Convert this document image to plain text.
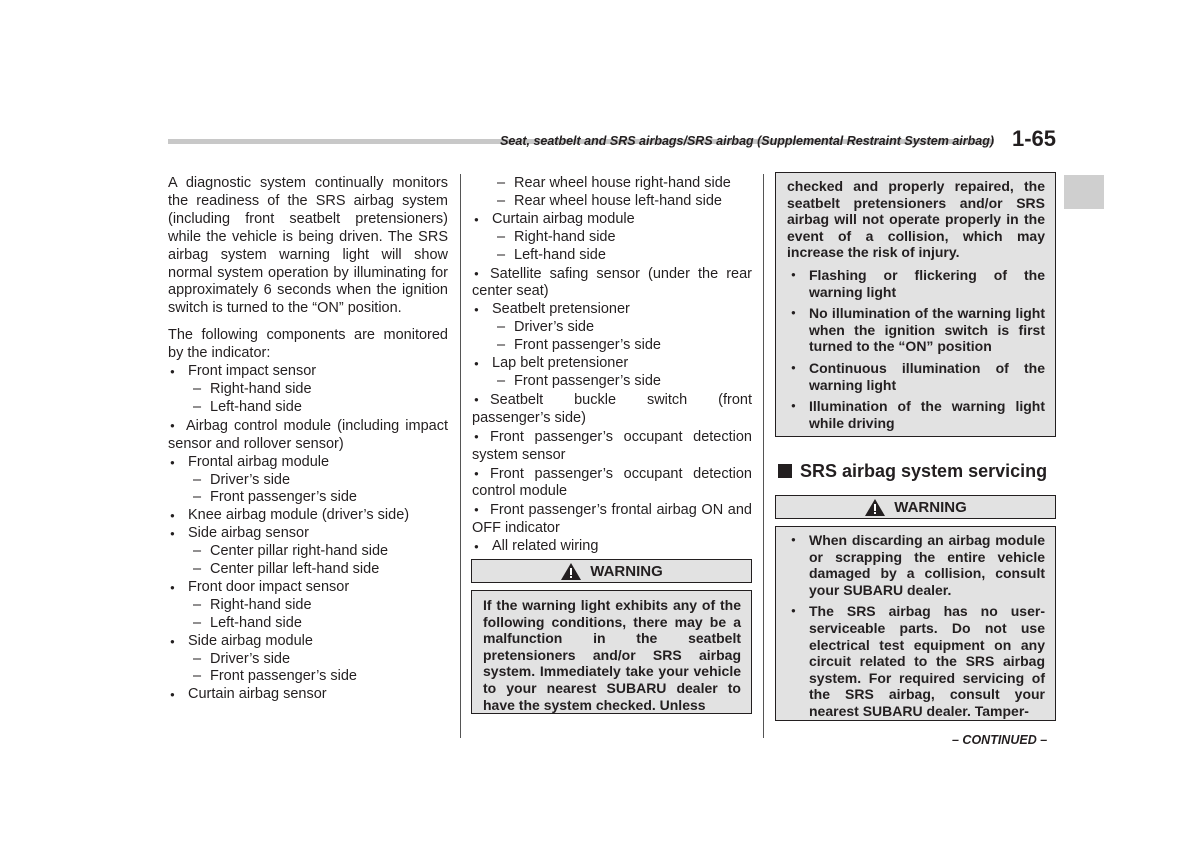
Seat, seatbelt and SRS airbags/SRS airbag (Supplemental Restraint System airbag) 1-65

A diagnostic system continually monitors the readiness of the SRS airbag system (including front seatbelt pretensioners) while the vehicle is being driven. The SRS airbag system warning light will show normal system operation by illuminating for approximately 6 seconds when the ignition switch is turned to the “ON” position.

The following components are monitored by the indicator:

● Front impact sensor

– Right-hand side

– Left-hand side

● Airbag control module (including impact sensor and rollover sensor)

● Frontal airbag module

– Driver’s side

– Front passenger’s side

● Knee airbag module (driver’s side)

● Side airbag sensor

– Center pillar right-hand side

– Center pillar left-hand side

● Front door impact sensor

– Right-hand side

– Left-hand side

● Side airbag module

– Driver’s side

– Front passenger’s side

● Curtain airbag sensor

– Rear wheel house right-hand side

– Rear wheel house left-hand side

● Curtain airbag module

– Right-hand side

– Left-hand side

● Satellite safing sensor (under the rear center seat)

● Seatbelt pretensioner

– Driver’s side

– Front passenger’s side

● Lap belt pretensioner

– Front passenger’s side

● Seatbelt buckle switch (front passenger’s side)

● Front passenger’s occupant detection system sensor

● Front passenger’s occupant detection control module

● Front passenger’s frontal airbag ON and OFF indicator

● All related wiring

WARNING

If the warning light exhibits any of the following conditions, there may be a malfunction in the seatbelt pretensioners and/or SRS airbag system. Immediately take your vehicle to your nearest SUBARU dealer to have the system checked. Unless

checked and properly repaired, the seatbelt pretensioners and/or SRS airbag will not operate properly in the event of a collision, which may increase the risk of injury.

● Flashing or flickering of the warning light

● No illumination of the warning light when the ignition switch is first turned to the “ON” position

● Continuous illumination of the warning light

● Illumination of the warning light while driving

SRS airbag system servicing
WARNING

● When discarding an airbag module or scrapping the entire vehicle damaged by a collision, consult your SUBARU dealer.

● The SRS airbag has no user-serviceable parts. Do not use electrical test equipment on any circuit related to the SRS airbag system. For required servicing of the SRS airbag, consult your nearest SUBARU dealer. Tamper-

– CONTINUED –
